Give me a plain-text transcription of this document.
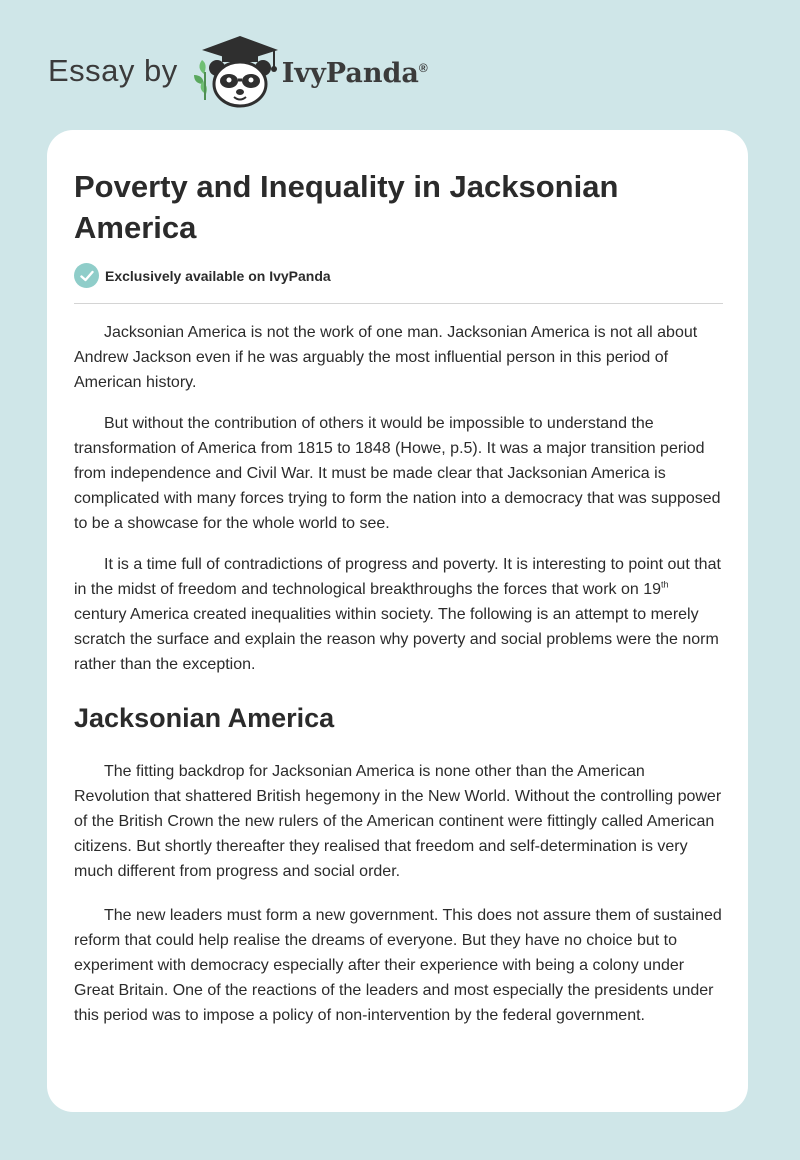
Essay by	IvyPanda®
Poverty and Inequality in Jacksonian America
Exclusively available on IvyPanda

Jacksonian America is not the work of one man. Jacksonian America is not all about Andrew Jackson even if he was arguably the most influential person in this period of American history.

But without the contribution of others it would be impossible to understand the transformation of America from 1815 to 1848 (Howe, p.5). It was a major transition period from independence and Civil War. It must be made clear that Jacksonian America is complicated with many forces trying to form the nation into a democracy that was supposed to be a showcase for the whole world to see.

It is a time full of contradictions of progress and poverty. It is interesting to point out that in the midst of freedom and technological breakthroughs the forces that work on 19th century America created inequalities within society. The following is an attempt to merely scratch the surface and explain the reason why poverty and social problems were the norm rather than the exception.

Jacksonian America

The fitting backdrop for Jacksonian America is none other than the American Revolution that shattered British hegemony in the New World. Without the controlling power of the British Crown the new rulers of the American continent were fittingly called American citizens. But shortly thereafter they realised that freedom and self-determination is very much different from progress and social order.

The new leaders must form a new government. This does not assure them of sustained reform that could help realise the dreams of everyone. But they have no choice but to experiment with democracy especially after their experience with being a colony under Great Britain. One of the reactions of the leaders and most especially the presidents under this period was to impose a policy of non-intervention by the federal government.
